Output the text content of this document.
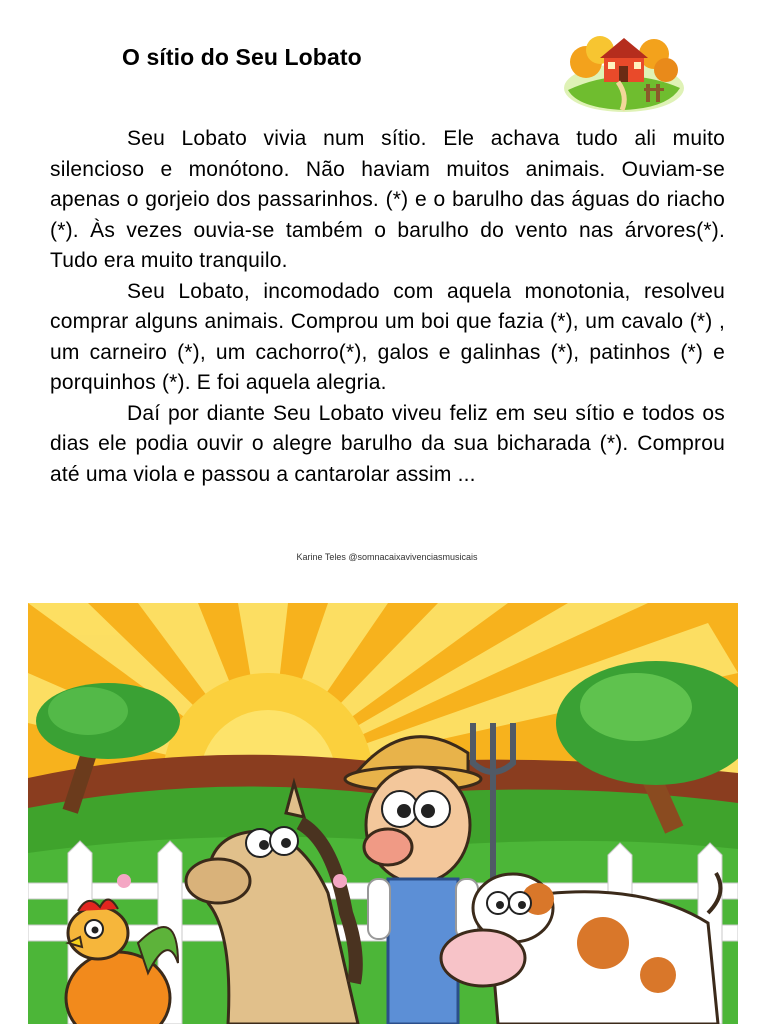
O sítio do Seu Lobato

Seu Lobato vivia num sítio. Ele achava tudo ali muito silencioso e monótono. Não haviam muitos animais. Ouviam-se apenas o gorjeio dos passarinhos. (*) e o barulho das águas do riacho (*). Às vezes ouvia-se também o barulho do vento nas árvores(*). Tudo era muito tranquilo.

Seu Lobato, incomodado com aquela monotonia, resolveu comprar alguns animais. Comprou um boi que fazia (*), um cavalo (*) , um carneiro (*), um cachorro(*), galos e galinhas (*), patinhos (*) e porquinhos (*). E foi aquela alegria.

Daí por diante Seu Lobato viveu feliz em seu sítio e todos os dias ele podia ouvir o alegre barulho da sua bicharada (*). Comprou até uma viola e passou a cantarolar assim ...

Karine Teles @somnacaixavivenciasmusicais
